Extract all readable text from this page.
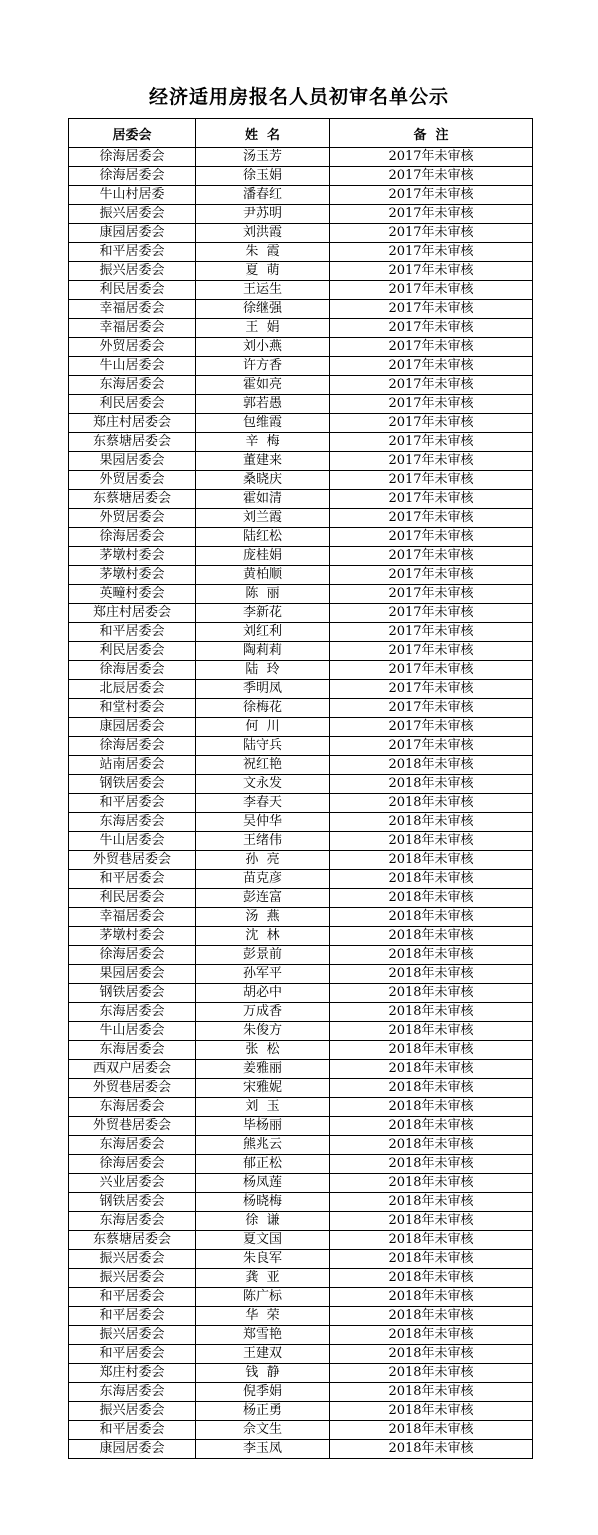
经济适用房报名人员初审名单公示
居委会	姓  名	备  注
徐海居委会	汤玉芳	2017年未审核
徐海居委会	徐玉娟	2017年未审核
牛山村居委	潘春红	2017年未审核
振兴居委会	尹苏明	2017年未审核
康园居委会	刘洪霞	2017年未审核
和平居委会	朱  霞	2017年未审核
振兴居委会	夏  萌	2017年未审核
利民居委会	王运生	2017年未审核
幸福居委会	徐继强	2017年未审核
幸福居委会	王  娟	2017年未审核
外贸居委会	刘小燕	2017年未审核
牛山居委会	许方香	2017年未审核
东海居委会	霍如亮	2017年未审核
利民居委会	郭若愚	2017年未审核
郑庄村居委会	包维霞	2017年未审核
东蔡塘居委会	辛  梅	2017年未审核
果园居委会	董建来	2017年未审核
外贸居委会	桑晓庆	2017年未审核
东蔡塘居委会	霍如清	2017年未审核
外贸居委会	刘兰霞	2017年未审核
徐海居委会	陆红松	2017年未审核
茅墩村委会	庞桂娟	2017年未审核
茅墩村委会	黄柏顺	2017年未审核
英疃村委会	陈  丽	2017年未审核
郑庄村居委会	李新花	2017年未审核
和平居委会	刘红利	2017年未审核
利民居委会	陶莉莉	2017年未审核
徐海居委会	陆  玲	2017年未审核
北辰居委会	季明凤	2017年未审核
和堂村委会	徐梅花	2017年未审核
康园居委会	何  川	2017年未审核
徐海居委会	陆守兵	2017年未审核
站南居委会	祝红艳	2018年未审核
钢铁居委会	文永发	2018年未审核
和平居委会	李春天	2018年未审核
东海居委会	吴仲华	2018年未审核
牛山居委会	王绪伟	2018年未审核
外贸巷居委会	孙  亮	2018年未审核
和平居委会	苗克彦	2018年未审核
利民居委会	彭连富	2018年未审核
幸福居委会	汤  燕	2018年未审核
茅墩村委会	沈  林	2018年未审核
徐海居委会	彭景前	2018年未审核
果园居委会	孙军平	2018年未审核
钢铁居委会	胡必中	2018年未审核
东海居委会	万成香	2018年未审核
牛山居委会	朱俊方	2018年未审核
东海居委会	张  松	2018年未审核
西双户居委会	姜雅丽	2018年未审核
外贸巷居委会	宋雅妮	2018年未审核
东海居委会	刘  玉	2018年未审核
外贸巷居委会	毕杨丽	2018年未审核
东海居委会	熊兆云	2018年未审核
徐海居委会	郁正松	2018年未审核
兴业居委会	杨凤莲	2018年未审核
钢铁居委会	杨晓梅	2018年未审核
东海居委会	徐  谦	2018年未审核
东蔡塘居委会	夏文国	2018年未审核
振兴居委会	朱良军	2018年未审核
振兴居委会	龚  亚	2018年未审核
和平居委会	陈广标	2018年未审核
和平居委会	华  荣	2018年未审核
振兴居委会	郑雪艳	2018年未审核
和平居委会	王建双	2018年未审核
郑庄村委会	钱  静	2018年未审核
东海居委会	倪季娟	2018年未审核
振兴居委会	杨正勇	2018年未审核
和平居委会	佘文生	2018年未审核
康园居委会	李玉凤	2018年未审核
